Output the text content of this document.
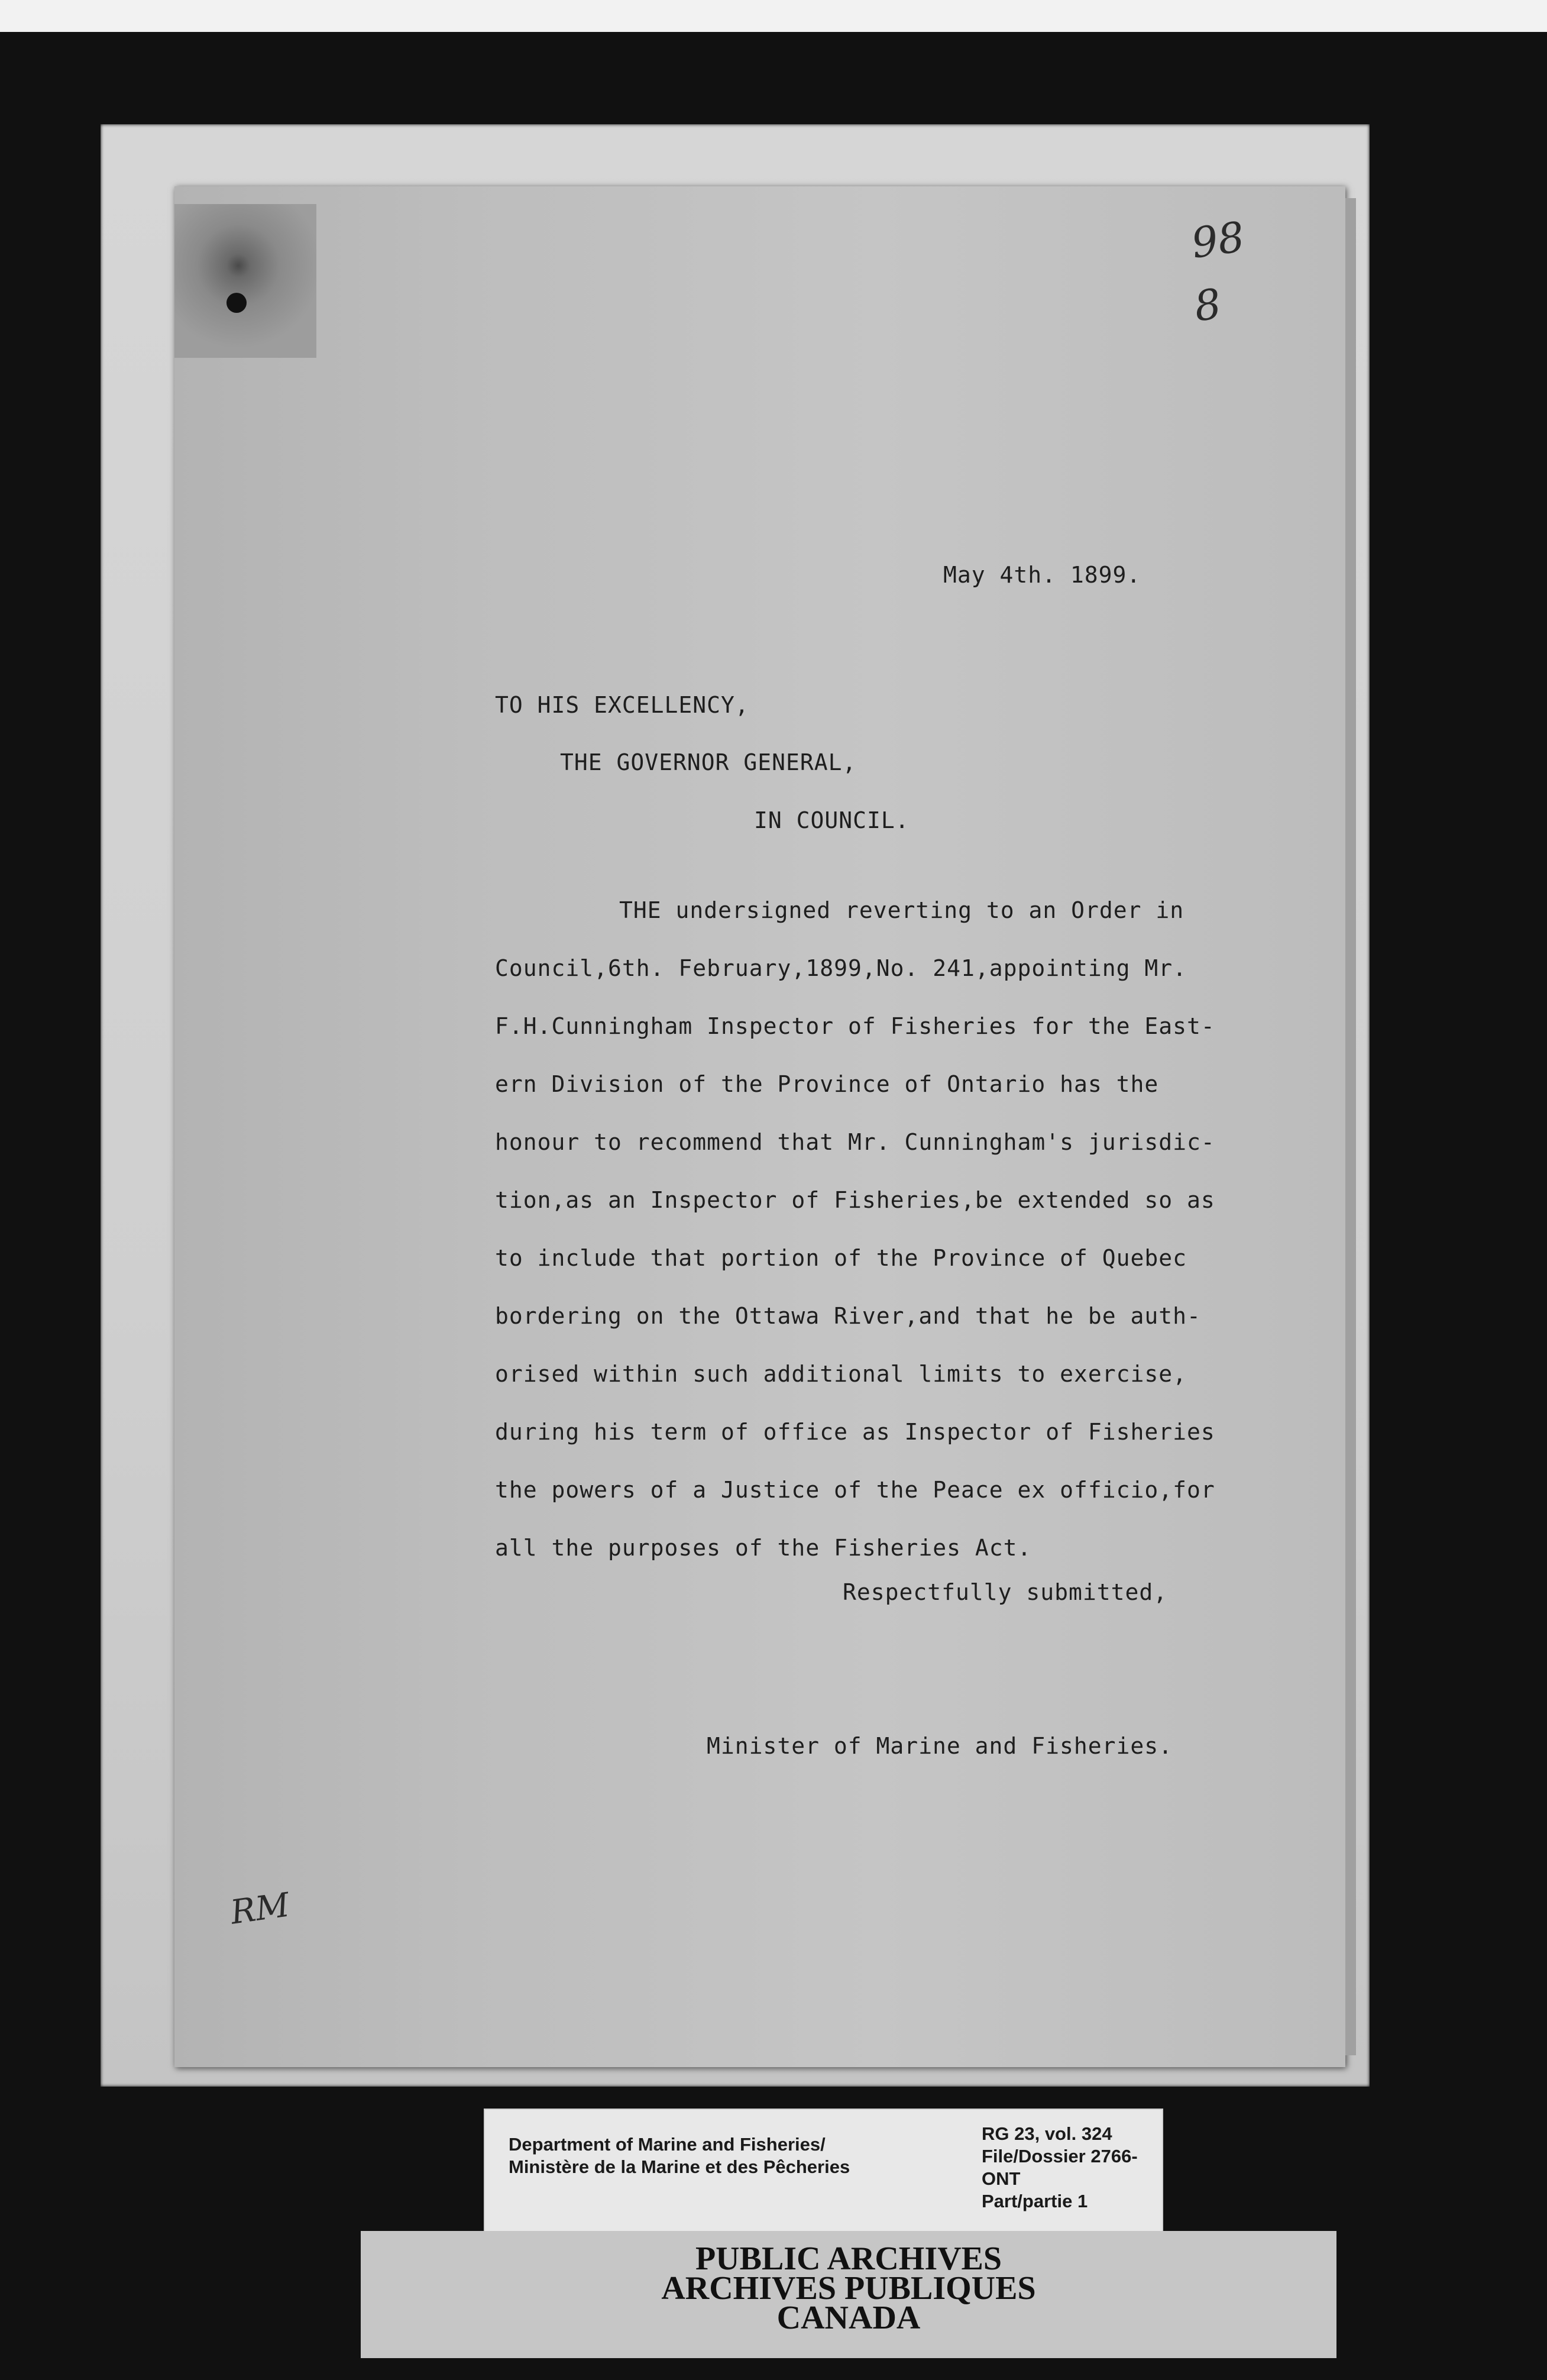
98
8

May 4th. 1899.

TO HIS EXCELLENCY,

THE GOVERNOR GENERAL,

IN COUNCIL.

THE undersigned reverting to an Order in
Council,6th. February,1899,No. 241,appointing Mr.
F.H.Cunningham Inspector of Fisheries for the East-
ern Division of the Province of Ontario has the
honour to recommend that Mr. Cunningham's jurisdic-
tion,as an Inspector of Fisheries,be extended so as
to include that portion of the Province of Quebec
bordering on the Ottawa River,and that he be auth-
orised within such additional limits to exercise,
during his term of office as Inspector of Fisheries
the powers of a Justice of the Peace ex officio,for
all the purposes of the Fisheries Act.

Respectfully submitted,

Minister of Marine and Fisheries.

RM

Department of Marine and Fisheries/
Ministère de la Marine et des Pêcheries

RG 23, vol. 324
File/Dossier 2766-
ONT
Part/partie 1

PUBLIC ARCHIVES
ARCHIVES PUBLIQUES
CANADA
